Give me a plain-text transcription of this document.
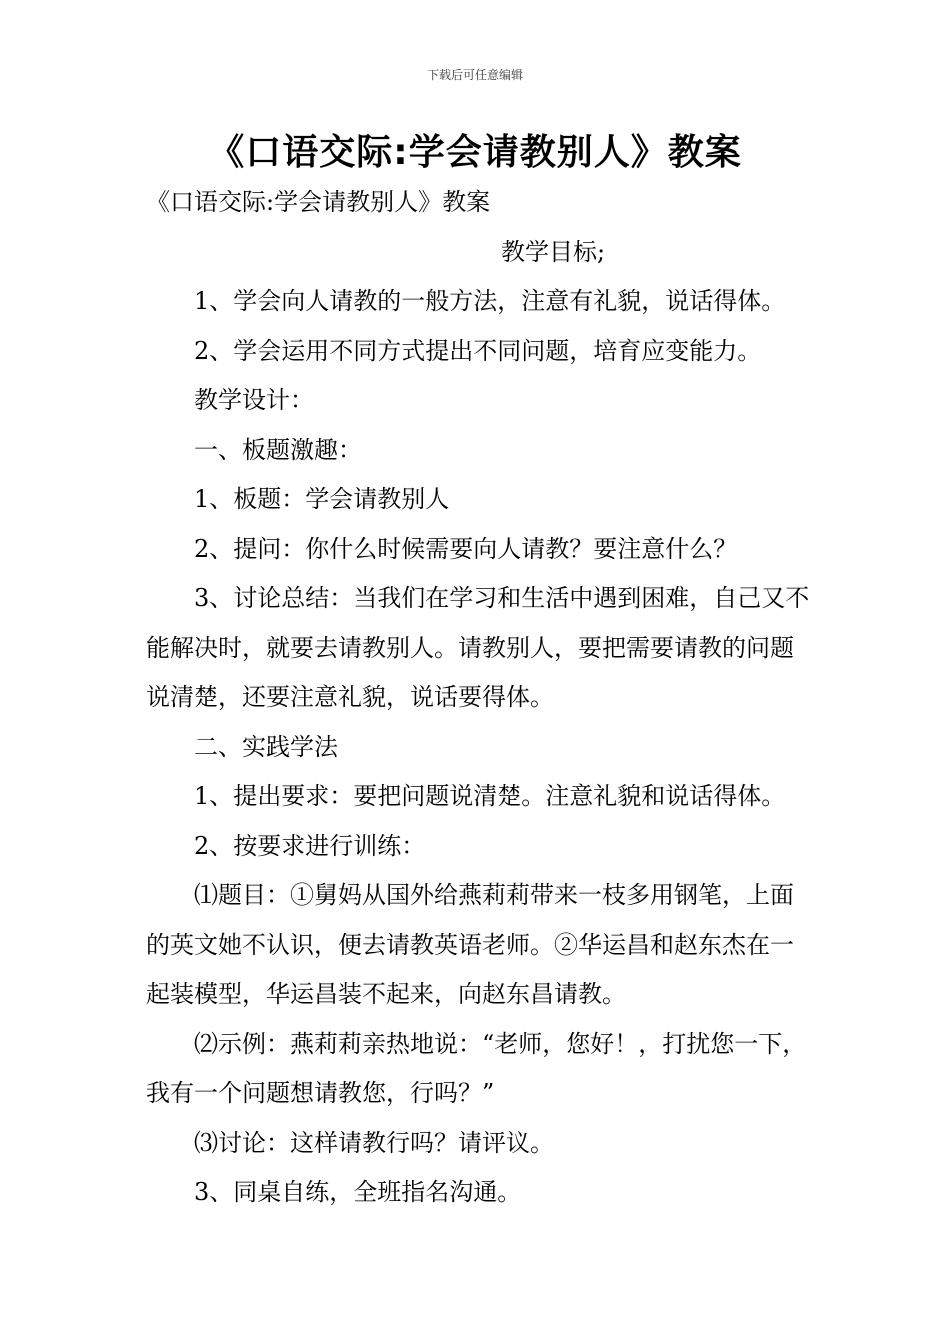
下载后可任意编辑
《口语交际:学会请教别人》教案

《口语交际:学会请教别人》教案

教学目标;

1、学会向人请教的一般方法，注意有礼貌，说话得体。

2、学会运用不同方式提出不同问题，培育应变能力。

教学设计：

一、板题激趣：

1、板题：学会请教别人

2、提问：你什么时候需要向人请教？要注意什么？

3、讨论总结：当我们在学习和生活中遇到困难，自己又不能解决时，就要去请教别人。请教别人，要把需要请教的问题说清楚，还要注意礼貌，说话要得体。

二、实践学法

1、提出要求：要把问题说清楚。注意礼貌和说话得体。

2、按要求进行训练：

⑴题目：①舅妈从国外给燕莉莉带来一枝多用钢笔，上面的英文她不认识，便去请教英语老师。②华运昌和赵东杰在一起装模型，华运昌装不起来，向赵东昌请教。

⑵示例：燕莉莉亲热地说：“老师，您好！，打扰您一下，我有一个问题想请教您，行吗？”

⑶讨论：这样请教行吗？请评议。

3、同桌自练，全班指名沟通。
